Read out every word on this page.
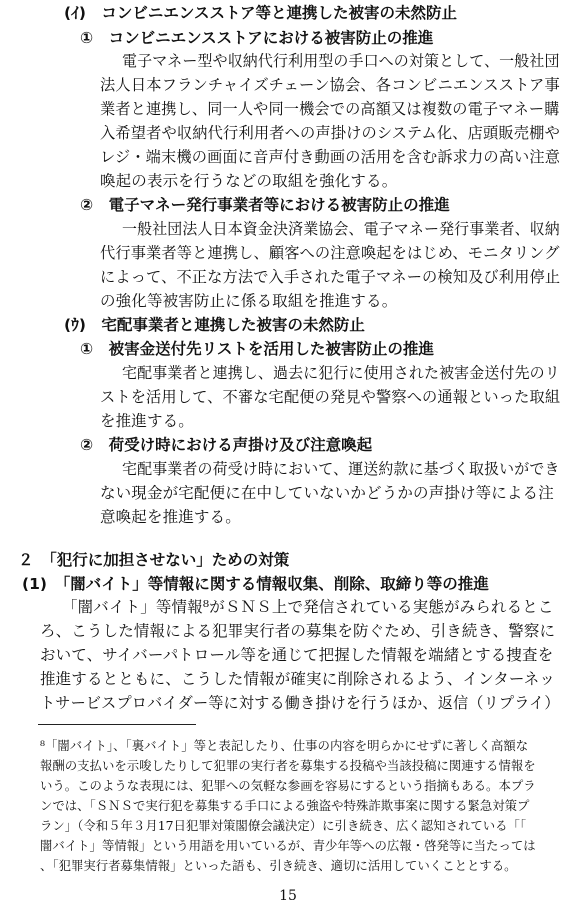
(ｲ)　コンビニエンスストア等と連携した被害の未然防止
①　コンビニエンスストアにおける被害防止の推進
電子マネー型や収納代行利用型の手口への対策として、一般社団
法人日本フランチャイズチェーン協会、各コンビニエンスストア事
業者と連携し、同一人や同一機会での高額又は複数の電子マネー購
入希望者や収納代行利用者への声掛けのシステム化、店頭販売棚や
レジ・端末機の画面に音声付き動画の活用を含む訴求力の高い注意
喚起の表示を行うなどの取組を強化する。
②　電子マネー発行事業者等における被害防止の推進
一般社団法人日本資金決済業協会、電子マネー発行事業者、収納
代行事業者等と連携し、顧客への注意喚起をはじめ、モニタリング
によって、不正な方法で入手された電子マネーの検知及び利用停止
の強化等被害防止に係る取組を推進する。
(ｳ)　宅配事業者と連携した被害の未然防止
①　被害金送付先リストを活用した被害防止の推進
宅配事業者と連携し、過去に犯行に使用された被害金送付先のリ
ストを活用して、不審な宅配便の発見や警察への通報といった取組
を推進する。
②　荷受け時における声掛け及び注意喚起
宅配事業者の荷受け時において、運送約款に基づく取扱いができ
ない現金が宅配便に在中していないかどうかの声掛け等による注
意喚起を推進する。
２　「犯行に加担させない」ための対策
(1)　「闇バイト」等情報に関する情報収集、削除、取締り等の推進
「闇バイト」等情報⁸がＳＮＳ上で発信されている実態がみられるとこ
ろ、こうした情報による犯罪実行者の募集を防ぐため、引き続き、警察に
おいて、サイバーパトロール等を通じて把握した情報を端緒とする捜査を
推進するとともに、こうした情報が確実に削除されるよう、インターネッ
トサービスプロバイダー等に対する働き掛けを行うほか、返信（リプライ）
⁸「闇バイト」、「裏バイト」等と表記したり、仕事の内容を明らかにせずに著しく高額な
報酬の支払いを示唆したりして犯罪の実行者を募集する投稿や当該投稿に関連する情報を
いう。このような表現には、犯罪への気軽な参画を容易にするという指摘もある。本プラ
ンでは、「ＳＮＳで実行犯を募集する手口による強盗や特殊詐欺事案に関する緊急対策プ
ラン」（令和５年３月17日犯罪対策閣僚会議決定）に引き続き、広く認知されている「「
闇バイト」等情報」という用語を用いているが、青少年等への広報・啓発等に当たっては
、「犯罪実行者募集情報」といった語も、引き続き、適切に活用していくこととする。
15
